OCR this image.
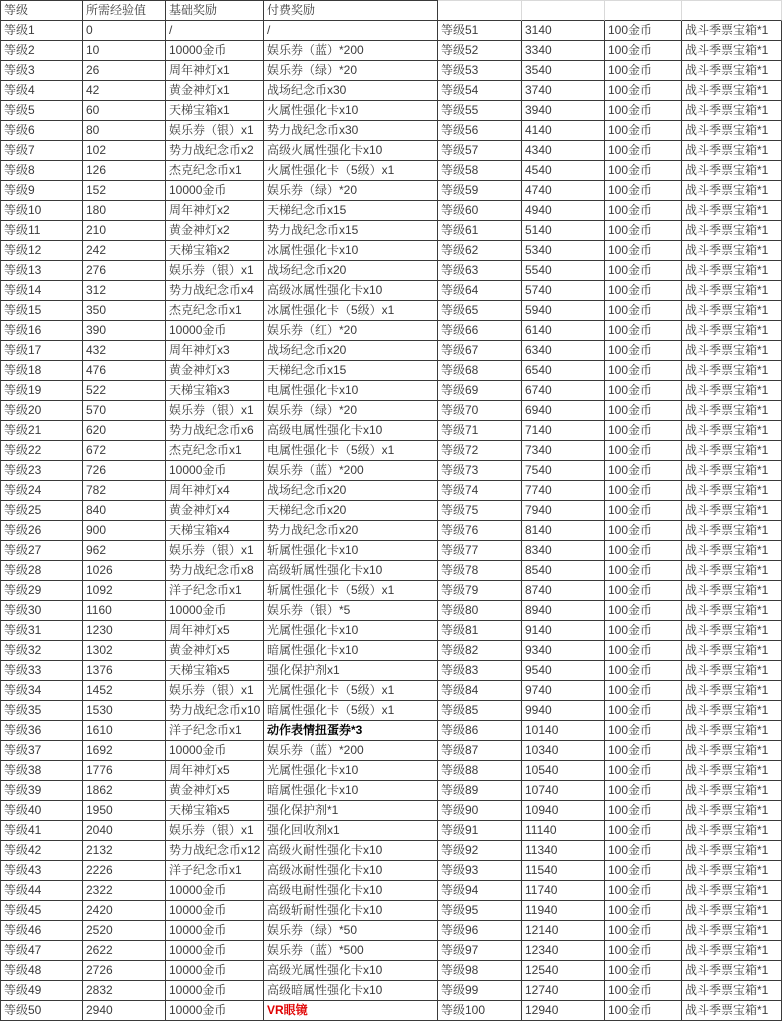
等级	所需经验值	基础奖励	付费奖励
等级1	0	/	/
等级2	10	10000金币	娱乐券（蓝）*200
等级3	26	周年神灯x1	娱乐券（绿）*20
等级4	42	黄金神灯x1	战场纪念币x30
等级5	60	天梯宝箱x1	火属性强化卡x10
等级6	80	娱乐券（银）x1	势力战纪念币x30
等级7	102	势力战纪念币x2	高级火属性强化卡x10
等级8	126	杰克纪念币x1	火属性强化卡（5级）x1
等级9	152	10000金币	娱乐券（绿）*20
等级10	180	周年神灯x2	天梯纪念币x15
等级11	210	黄金神灯x2	势力战纪念币x15
等级12	242	天梯宝箱x2	冰属性强化卡x10
等级13	276	娱乐券（银）x1	战场纪念币x20
等级14	312	势力战纪念币x4	高级冰属性强化卡x10
等级15	350	杰克纪念币x1	冰属性强化卡（5级）x1
等级16	390	10000金币	娱乐券（红）*20
等级17	432	周年神灯x3	战场纪念币x20
等级18	476	黄金神灯x3	天梯纪念币x15
等级19	522	天梯宝箱x3	电属性强化卡x10
等级20	570	娱乐券（银）x1	娱乐券（绿）*20
等级21	620	势力战纪念币x6	高级电属性强化卡x10
等级22	672	杰克纪念币x1	电属性强化卡（5级）x1
等级23	726	10000金币	娱乐券（蓝）*200
等级24	782	周年神灯x4	战场纪念币x20
等级25	840	黄金神灯x4	天梯纪念币x20
等级26	900	天梯宝箱x4	势力战纪念币x20
等级27	962	娱乐券（银）x1	斩属性强化卡x10
等级28	1026	势力战纪念币x8	高级斩属性强化卡x10
等级29	1092	洋子纪念币x1	斩属性强化卡（5级）x1
等级30	1160	10000金币	娱乐券（银）*5
等级31	1230	周年神灯x5	光属性强化卡x10
等级32	1302	黄金神灯x5	暗属性强化卡x10
等级33	1376	天梯宝箱x5	强化保护剂x1
等级34	1452	娱乐券（银）x1	光属性强化卡（5级）x1
等级35	1530	势力战纪念币x10	暗属性强化卡（5级）x1
等级36	1610	洋子纪念币x1	动作表情扭蛋券*3
等级37	1692	10000金币	娱乐券（蓝）*200
等级38	1776	周年神灯x5	光属性强化卡x10
等级39	1862	黄金神灯x5	暗属性强化卡x10
等级40	1950	天梯宝箱x5	强化保护剂*1
等级41	2040	娱乐券（银）x1	强化回收剂x1
等级42	2132	势力战纪念币x12	高级火耐性强化卡x10
等级43	2226	洋子纪念币x1	高级冰耐性强化卡x10
等级44	2322	10000金币	高级电耐性强化卡x10
等级45	2420	10000金币	高级斩耐性强化卡x10
等级46	2520	10000金币	娱乐券（绿）*50
等级47	2622	10000金币	娱乐券（蓝）*500
等级48	2726	10000金币	高级光属性强化卡x10
等级49	2832	10000金币	高级暗属性强化卡x10
等级50	2940	10000金币	VR眼镜

等级51	3140	100金币	战斗季票宝箱*1
等级52	3340	100金币	战斗季票宝箱*1
等级53	3540	100金币	战斗季票宝箱*1
等级54	3740	100金币	战斗季票宝箱*1
等级55	3940	100金币	战斗季票宝箱*1
等级56	4140	100金币	战斗季票宝箱*1
等级57	4340	100金币	战斗季票宝箱*1
等级58	4540	100金币	战斗季票宝箱*1
等级59	4740	100金币	战斗季票宝箱*1
等级60	4940	100金币	战斗季票宝箱*1
等级61	5140	100金币	战斗季票宝箱*1
等级62	5340	100金币	战斗季票宝箱*1
等级63	5540	100金币	战斗季票宝箱*1
等级64	5740	100金币	战斗季票宝箱*1
等级65	5940	100金币	战斗季票宝箱*1
等级66	6140	100金币	战斗季票宝箱*1
等级67	6340	100金币	战斗季票宝箱*1
等级68	6540	100金币	战斗季票宝箱*1
等级69	6740	100金币	战斗季票宝箱*1
等级70	6940	100金币	战斗季票宝箱*1
等级71	7140	100金币	战斗季票宝箱*1
等级72	7340	100金币	战斗季票宝箱*1
等级73	7540	100金币	战斗季票宝箱*1
等级74	7740	100金币	战斗季票宝箱*1
等级75	7940	100金币	战斗季票宝箱*1
等级76	8140	100金币	战斗季票宝箱*1
等级77	8340	100金币	战斗季票宝箱*1
等级78	8540	100金币	战斗季票宝箱*1
等级79	8740	100金币	战斗季票宝箱*1
等级80	8940	100金币	战斗季票宝箱*1
等级81	9140	100金币	战斗季票宝箱*1
等级82	9340	100金币	战斗季票宝箱*1
等级83	9540	100金币	战斗季票宝箱*1
等级84	9740	100金币	战斗季票宝箱*1
等级85	9940	100金币	战斗季票宝箱*1
等级86	10140	100金币	战斗季票宝箱*1
等级87	10340	100金币	战斗季票宝箱*1
等级88	10540	100金币	战斗季票宝箱*1
等级89	10740	100金币	战斗季票宝箱*1
等级90	10940	100金币	战斗季票宝箱*1
等级91	11140	100金币	战斗季票宝箱*1
等级92	11340	100金币	战斗季票宝箱*1
等级93	11540	100金币	战斗季票宝箱*1
等级94	11740	100金币	战斗季票宝箱*1
等级95	11940	100金币	战斗季票宝箱*1
等级96	12140	100金币	战斗季票宝箱*1
等级97	12340	100金币	战斗季票宝箱*1
等级98	12540	100金币	战斗季票宝箱*1
等级99	12740	100金币	战斗季票宝箱*1
等级100	12940	100金币	战斗季票宝箱*1
